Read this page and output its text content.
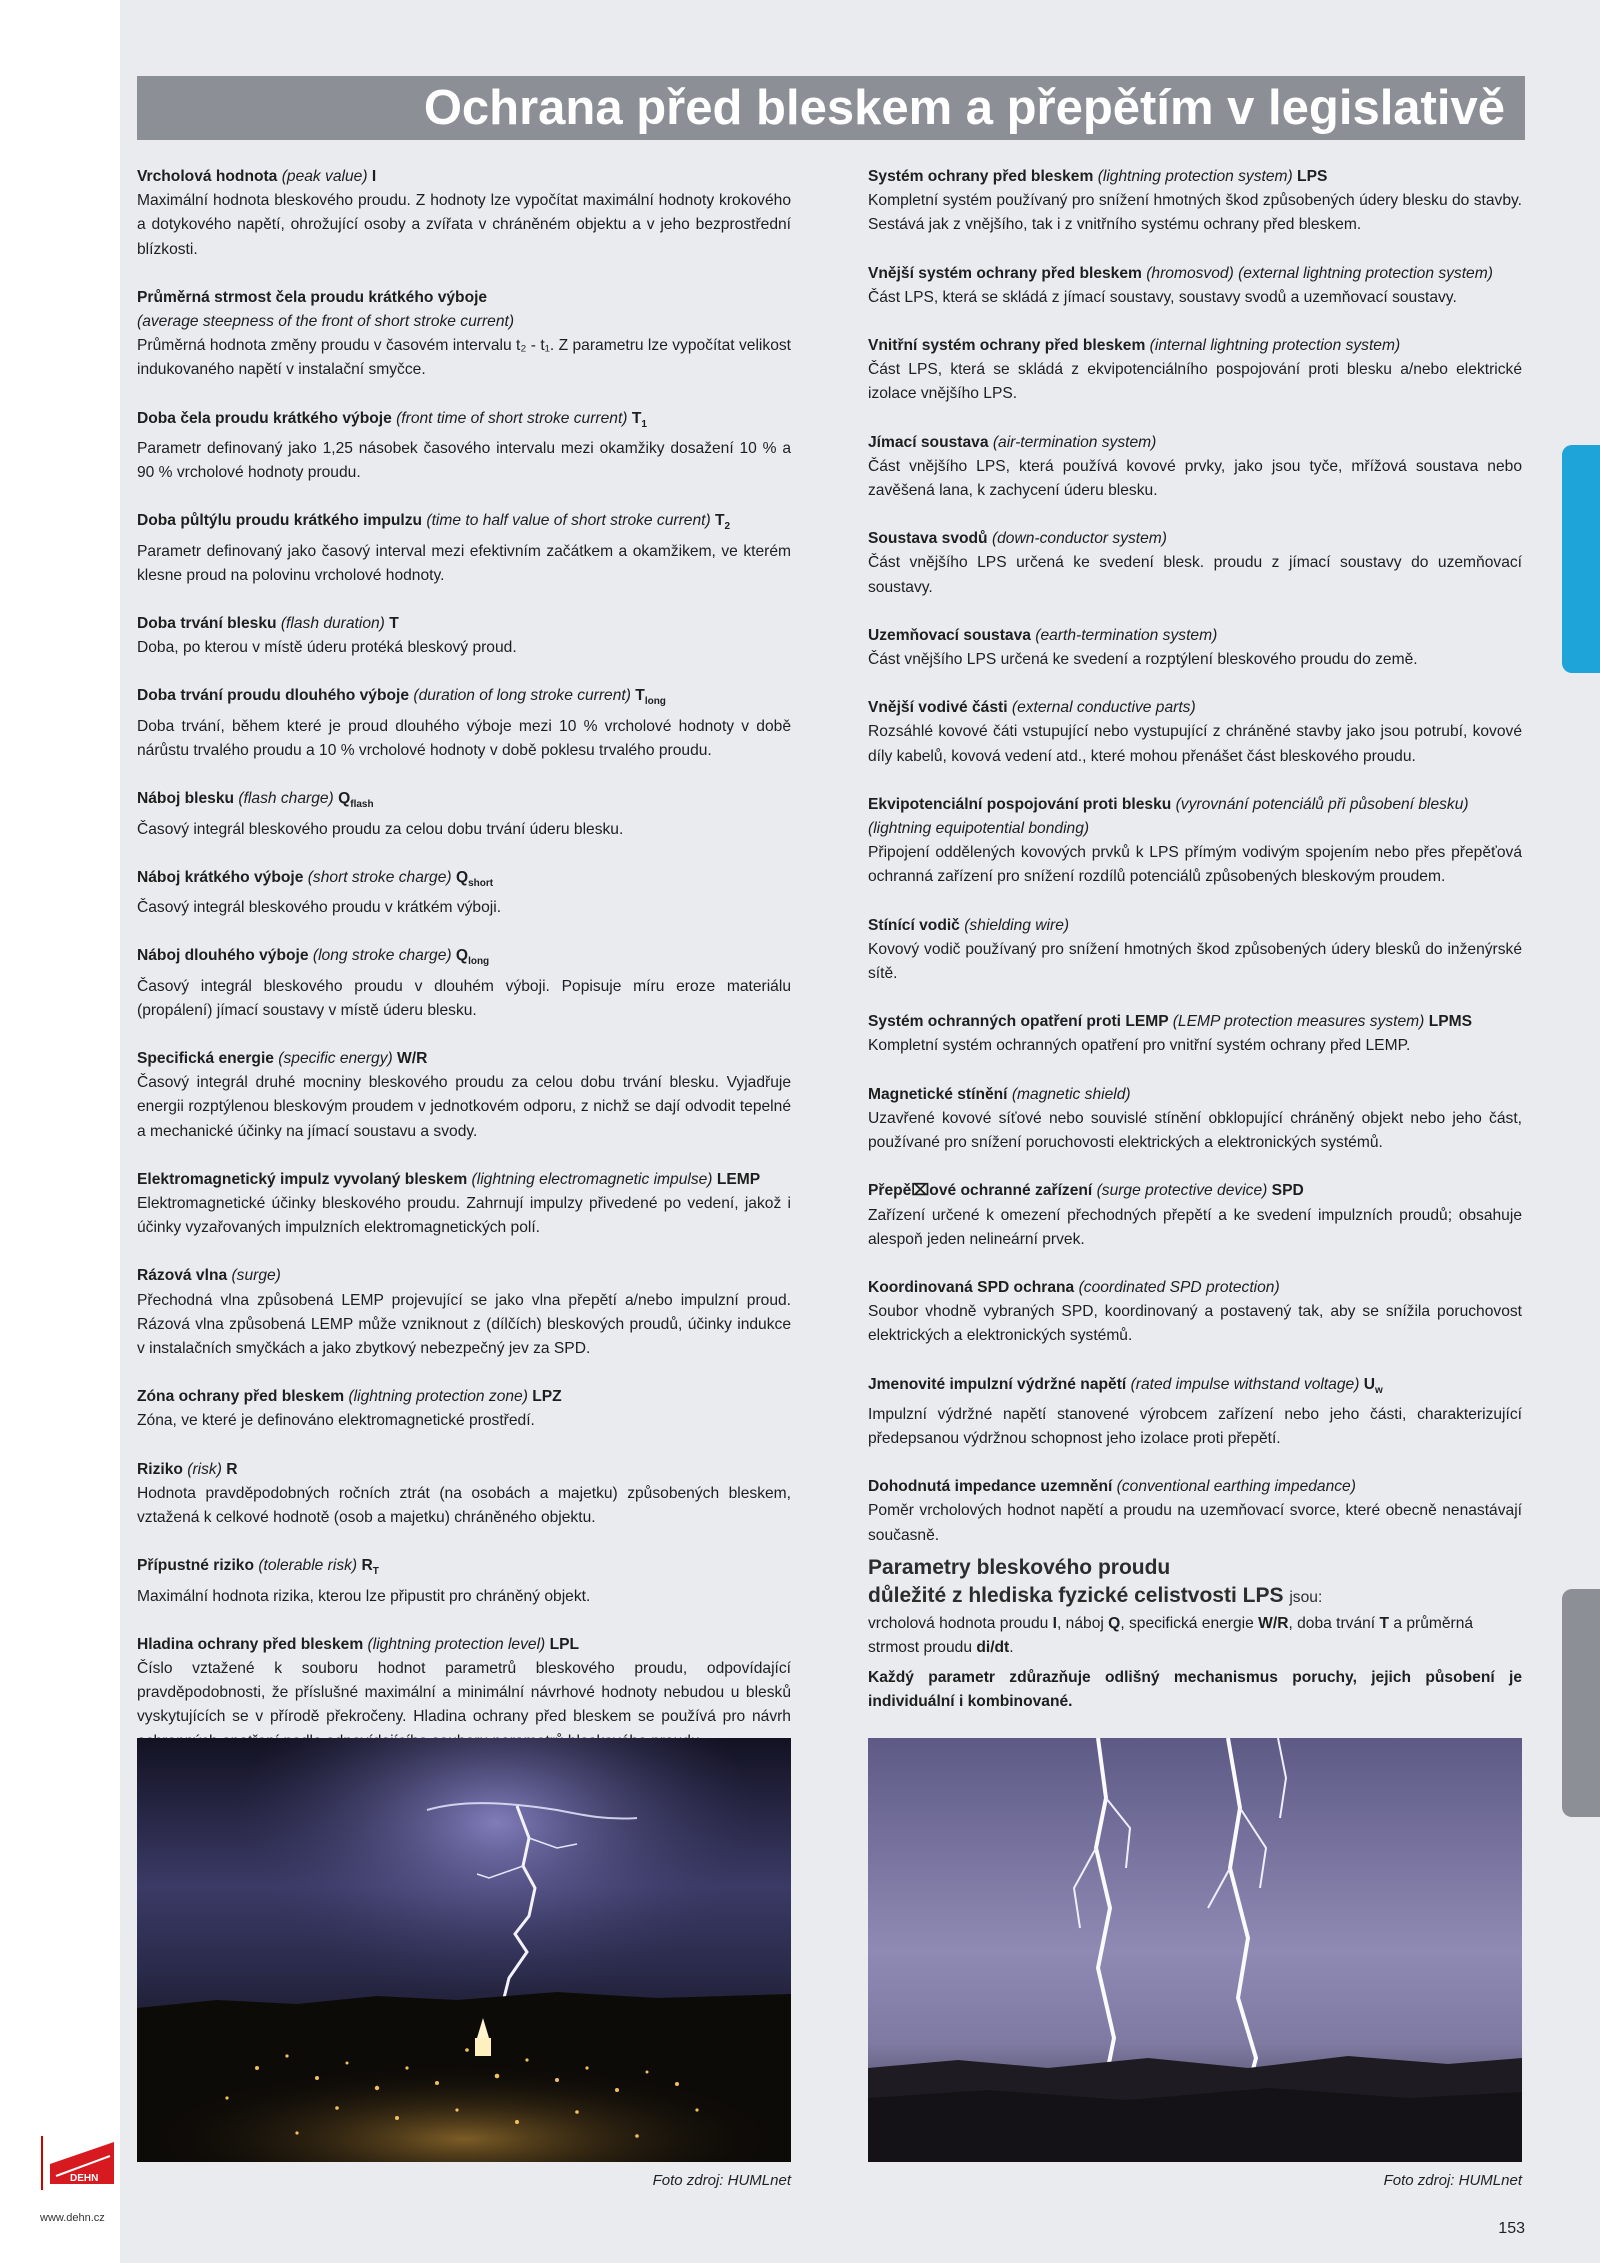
Ochrana před bleskem a přepětím v legislativě

Vrcholová hodnota (peak value) I

Maximální hodnota bleskového proudu. Z hodnoty lze vypočítat maximální hodnoty krokového a dotykového napětí, ohrožující osoby a zvířata v chráněném objektu a v jeho bezprostřední blízkosti.

Průměrná strmost čela proudu krátkého výboje

(average steepness of the front of short stroke current)

Průměrná hodnota změny proudu v časovém intervalu t₂ - t₁. Z parametru lze vypočítat velikost indukovaného napětí v instalační smyčce.

Doba čela proudu krátkého výboje (front time of short stroke current) $T_1$

Parametr definovaný jako 1,25 násobek časového intervalu mezi okamžiky dosažení 10 % a 90 % vrcholové hodnoty proudu.

Doba půltýlu proudu krátkého impulzu (time to half value of short stroke current) $T_2$

Parametr definovaný jako časový interval mezi efektivním začátkem a okamžikem, ve kterém klesne proud na polovinu vrcholové hodnoty.

Doba trvání blesku (flash duration) T

Doba, po kterou v místě úderu protéká bleskový proud.

Doba trvání proudu dlouhého výboje (duration of long stroke current) $T_{long}$

Doba trvání, během které je proud dlouhého výboje mezi 10 % vrcholové hodnoty v době nárůstu trvalého proudu a 10 % vrcholové hodnoty v době poklesu trvalého proudu.

Náboj blesku (flash charge) $Q_{flash}$

Časový integrál bleskového proudu za celou dobu trvání úderu blesku.

Náboj krátkého výboje (short stroke charge) $Q_{short}$

Časový integrál bleskového proudu v krátkém výboji.

Náboj dlouhého výboje (long stroke charge) $Q_{long}$

Časový integrál bleskového proudu v dlouhém výboji. Popisuje míru eroze materiálu (propálení) jímací soustavy v místě úderu blesku.

Specifická energie (specific energy) W/R

Časový integrál druhé mocniny bleskového proudu za celou dobu trvání blesku. Vyjadřuje energii rozptýlenou bleskovým proudem v jednotkovém odporu, z nichž se dají odvodit tepelné a mechanické účinky na jímací soustavu a svody.

Elektromagnetický impulz vyvolaný bleskem (lightning electromagnetic impulse) LEMP

Elektromagnetické účinky bleskového proudu. Zahrnují impulzy přivedené po vedení, jakož i účinky vyzařovaných impulzních elektromagnetických polí.

Rázová vlna (surge)

Přechodná vlna způsobená LEMP projevující se jako vlna přepětí a/nebo impulzní proud. Rázová vlna způsobená LEMP může vzniknout z (dílčích) bleskových proudů, účinky indukce v instalačních smyčkách a jako zbytkový nebezpečný jev za SPD.

Zóna ochrany před bleskem (lightning protection zone) LPZ

Zóna, ve které je definováno elektromagnetické prostředí.

Riziko (risk) R

Hodnota pravděpodobných ročních ztrát (na osobách a majetku) způsobených bleskem, vztažená k celkové hodnotě (osob a majetku) chráněného objektu.

Přípustné riziko (tolerable risk) $R_T$

Maximální hodnota rizika, kterou lze připustit pro chráněný objekt.

Hladina ochrany před bleskem (lightning protection level) LPL

Číslo vztažené k souboru hodnot parametrů bleskového proudu, odpovídající pravděpodobnosti, že příslušné maximální a minimální návrhové hodnoty nebudou u blesků vyskytujících se v přírodě překročeny. Hladina ochrany před bleskem se používá pro návrh

Systém ochrany před bleskem (lightning protection system) LPS

Kompletní systém používaný pro snížení hmotných škod způsobených údery blesku do stavby. Sestává jak z vnějšího, tak i z vnitřního systému ochrany před bleskem.

Vnější systém ochrany před bleskem (hromosvod) (external lightning protection system)

Část LPS, která se skládá z jímací soustavy, soustavy svodů a uzemňovací soustavy.

Vnitřní systém ochrany před bleskem (internal lightning protection system)

Část LPS, která se skládá z ekvipotenciálního pospojování proti blesku a/nebo elektrické izolace vnějšího LPS.

Jímací soustava (air-termination system)

Část vnějšího LPS, která používá kovové prvky, jako jsou tyče, mřížová soustava nebo zavěšená lana, k zachycení úderu blesku.

Soustava svodů (down-conductor system)

Část vnějšího LPS určená ke svedení blesk. proudu z jímací soustavy do uzemňovací soustavy.

Uzemňovací soustava (earth-termination system)

Část vnějšího LPS určená ke svedení a rozptýlení bleskového proudu do země.

Vnější vodivé části (external conductive parts)

Rozsáhlé kovové čáti vstupující nebo vystupující z chráněné stavby jako jsou potrubí, kovové díly kabelů, kovová vedení atd., které mohou přenášet část bleskového proudu.

Ekvipotenciální pospojování proti blesku (vyrovnání potenciálů při působení blesku)

(lightning equipotential bonding)

Připojení oddělených kovových prvků k LPS přímým vodivým spojením nebo přes přepěťová ochranná zařízení pro snížení rozdílů potenciálů způsobených bleskovým proudem.

Stínící vodič (shielding wire)

Kovový vodič používaný pro snížení hmotných škod způsobených údery blesků do inženýrské sítě.

Systém ochranných opatření proti LEMP (LEMP protection measures system) LPMS

Kompletní systém ochranných opatření pro vnitřní systém ochrany před LEMP.

Magnetické stínění (magnetic shield)

Uzavřené kovové síťové nebo souvislé stínění obklopující chráněný objekt nebo jeho část, používané pro snížení poruchovosti elektrických a elektronických systémů.

Přepě⌧ové ochranné zařízení (surge protective device) SPD

Zařízení určené k omezení přechodných přepětí a ke svedení impulzních proudů; obsahuje alespoň jeden nelineární prvek.

Koordinovaná SPD ochrana (coordinated SPD protection)

Soubor vhodně vybraných SPD, koordinovaný a postavený tak, aby se snížila poruchovost elektrických a elektronických systémů.

Jmenovité impulzní výdržné napětí (rated impulse withstand voltage) $U_w$

Impulzní výdržné napětí stanovené výrobcem zařízení nebo jeho části, charakterizující předepsanou výdržnou schopnost jeho izolace proti přepětí.

Dohodnutá impedance uzemnění (conventional earthing impedance)

Poměr vrcholových hodnot napětí a proudu na uzemňovací svorce, které obecně nenastávají současně.

Parametry bleskového proudu
důležité z hlediska fyzické celistvosti LPS jsou:
vrcholová hodnota proudu I, náboj Q, specifická energie W/R, doba trvání T a průměrná strmost proudu di/dt.
Každý parametr zdůrazňuje odlišný mechanismus poruchy, jejich působení je individuální i kombinované.
Foto zdroj: HUMLnet	Foto zdroj: HUMLnet
153
DEHN
www.dehn.cz
